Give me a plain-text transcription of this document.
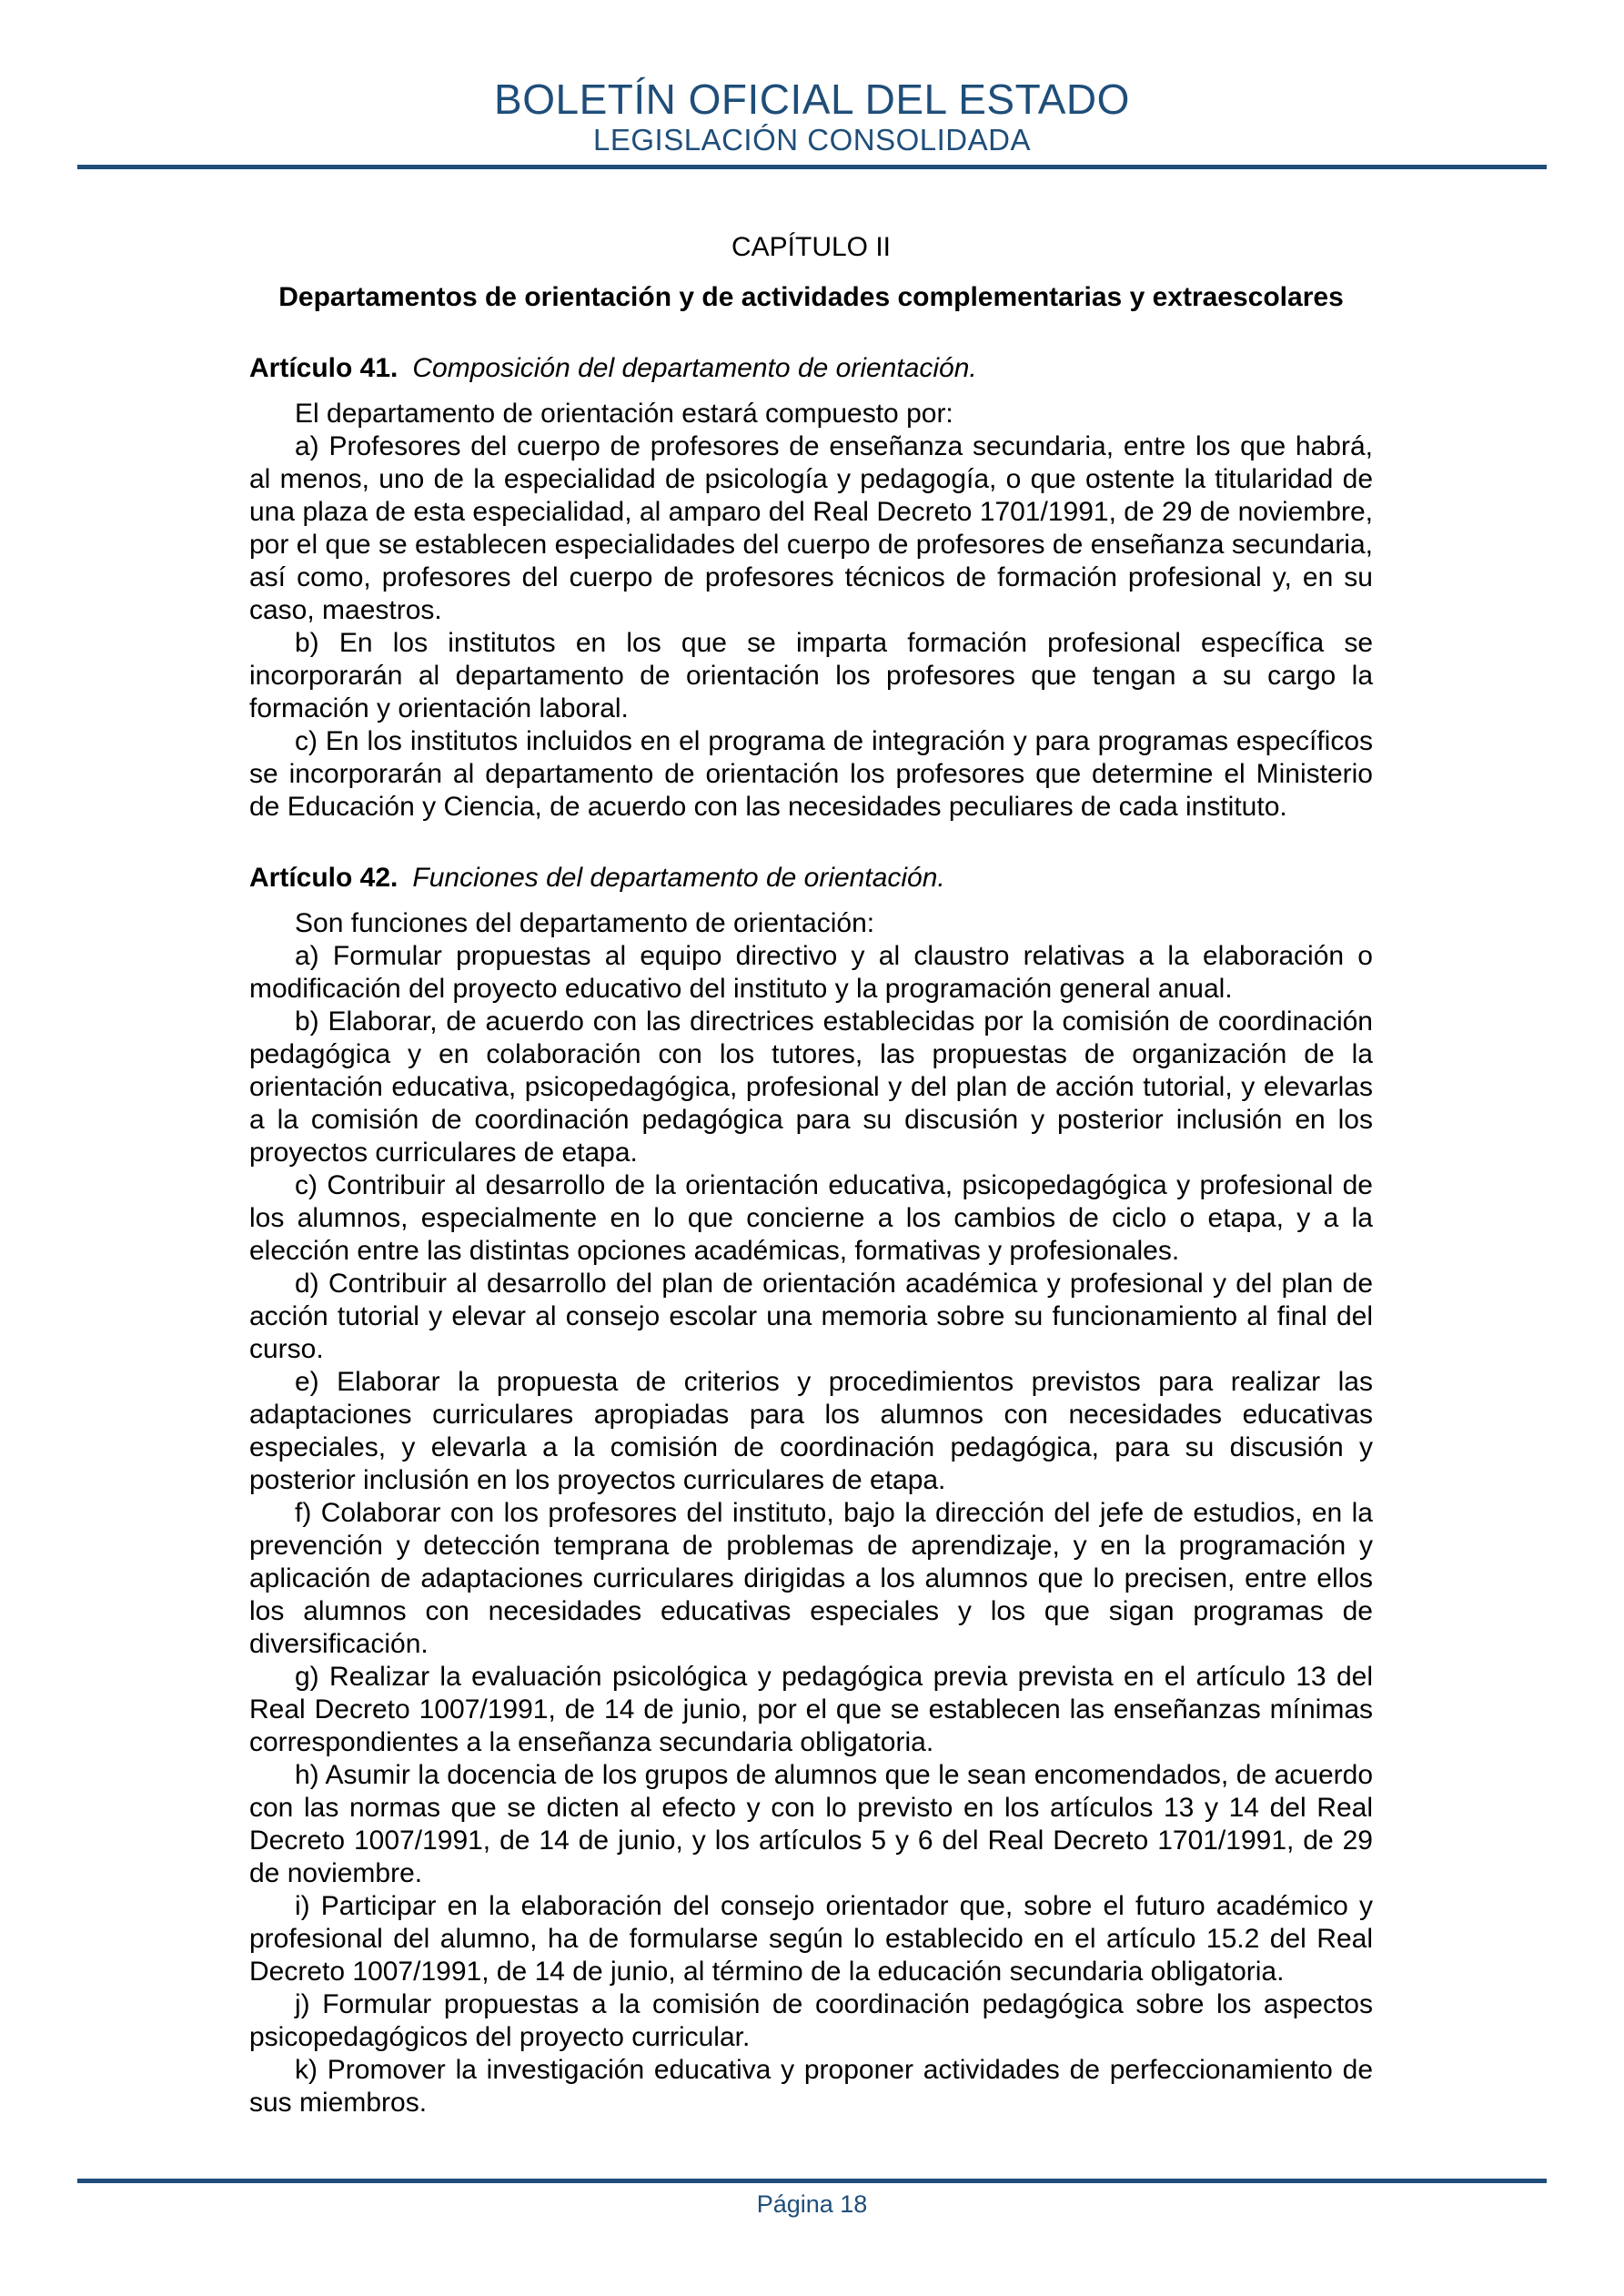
BOLETÍN OFICIAL DEL ESTADO
LEGISLACIÓN CONSOLIDADA
CAPÍTULO II
Departamentos de orientación y de actividades complementarias y extraescolares

Artículo 41. Composición del departamento de orientación.

El departamento de orientación estará compuesto por:

a) Profesores del cuerpo de profesores de enseñanza secundaria, entre los que habrá, al menos, uno de la especialidad de psicología y pedagogía, o que ostente la titularidad de una plaza de esta especialidad, al amparo del Real Decreto 1701/1991, de 29 de noviembre, por el que se establecen especialidades del cuerpo de profesores de enseñanza secundaria, así como, profesores del cuerpo de profesores técnicos de formación profesional y, en su caso, maestros.

b) En los institutos en los que se imparta formación profesional específica se incorporarán al departamento de orientación los profesores que tengan a su cargo la formación y orientación laboral.

c) En los institutos incluidos en el programa de integración y para programas específicos se incorporarán al departamento de orientación los profesores que determine el Ministerio de Educación y Ciencia, de acuerdo con las necesidades peculiares de cada instituto.

Artículo 42. Funciones del departamento de orientación.

Son funciones del departamento de orientación:

a) Formular propuestas al equipo directivo y al claustro relativas a la elaboración o modificación del proyecto educativo del instituto y la programación general anual.

b) Elaborar, de acuerdo con las directrices establecidas por la comisión de coordinación pedagógica y en colaboración con los tutores, las propuestas de organización de la orientación educativa, psicopedagógica, profesional y del plan de acción tutorial, y elevarlas a la comisión de coordinación pedagógica para su discusión y posterior inclusión en los proyectos curriculares de etapa.

c) Contribuir al desarrollo de la orientación educativa, psicopedagógica y profesional de los alumnos, especialmente en lo que concierne a los cambios de ciclo o etapa, y a la elección entre las distintas opciones académicas, formativas y profesionales.

d) Contribuir al desarrollo del plan de orientación académica y profesional y del plan de acción tutorial y elevar al consejo escolar una memoria sobre su funcionamiento al final del curso.

e) Elaborar la propuesta de criterios y procedimientos previstos para realizar las adaptaciones curriculares apropiadas para los alumnos con necesidades educativas especiales, y elevarla a la comisión de coordinación pedagógica, para su discusión y posterior inclusión en los proyectos curriculares de etapa.

f) Colaborar con los profesores del instituto, bajo la dirección del jefe de estudios, en la prevención y detección temprana de problemas de aprendizaje, y en la programación y aplicación de adaptaciones curriculares dirigidas a los alumnos que lo precisen, entre ellos los alumnos con necesidades educativas especiales y los que sigan programas de diversificación.

g) Realizar la evaluación psicológica y pedagógica previa prevista en el artículo 13 del Real Decreto 1007/1991, de 14 de junio, por el que se establecen las enseñanzas mínimas correspondientes a la enseñanza secundaria obligatoria.

h) Asumir la docencia de los grupos de alumnos que le sean encomendados, de acuerdo con las normas que se dicten al efecto y con lo previsto en los artículos 13 y 14 del Real Decreto 1007/1991, de 14 de junio, y los artículos 5 y 6 del Real Decreto 1701/1991, de 29 de noviembre.

i) Participar en la elaboración del consejo orientador que, sobre el futuro académico y profesional del alumno, ha de formularse según lo establecido en el artículo 15.2 del Real Decreto 1007/1991, de 14 de junio, al término de la educación secundaria obligatoria.

j) Formular propuestas a la comisión de coordinación pedagógica sobre los aspectos psicopedagógicos del proyecto curricular.

k) Promover la investigación educativa y proponer actividades de perfeccionamiento de sus miembros.

Página 18
